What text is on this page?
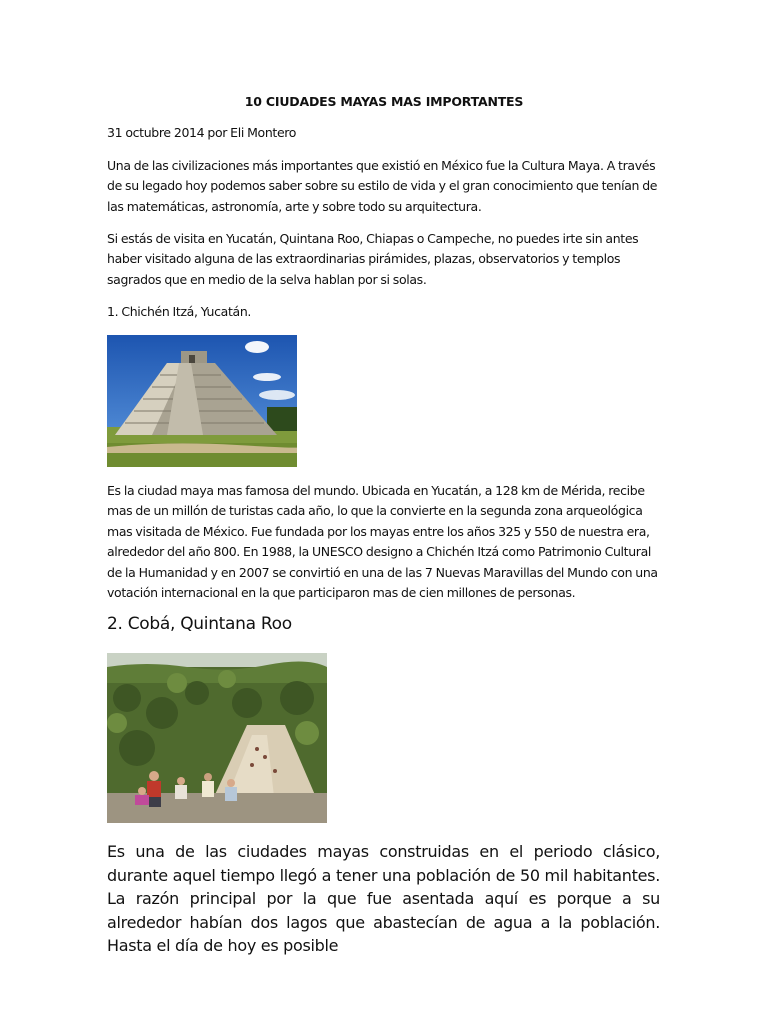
10 CIUDADES MAYAS MAS IMPORTANTES
31 octubre 2014 por Eli Montero
Una de las civilizaciones más importantes que existió en México fue la Cultura Maya. A través de su legado hoy podemos saber sobre su estilo de vida y el gran conocimiento que tenían de las matemáticas, astronomía, arte y sobre todo su arquitectura.
Si estás de visita en Yucatán, Quintana Roo, Chiapas o Campeche, no puedes irte sin antes haber visitado alguna de las extraordinarias pirámides, plazas, observatorios y templos sagrados que en medio de la selva hablan por si solas.
1. Chichén Itzá, Yucatán.
Es la ciudad maya mas famosa del mundo. Ubicada en Yucatán, a 128 km de Mérida, recibe mas de un millón de turistas cada año, lo que la convierte en la segunda zona arqueológica mas visitada de México. Fue fundada por los mayas entre los años 325 y 550 de nuestra era, alrededor del año 800. En 1988, la UNESCO designo a Chichén Itzá como Patrimonio Cultural de la Humanidad y en 2007 se convirtió en una de las 7 Nuevas Maravillas del Mundo con una votación internacional en la que participaron mas de cien millones de personas.
2. Cobá, Quintana Roo
Es una de las ciudades mayas construidas en el periodo clásico, durante aquel tiempo llegó a tener una población de 50 mil habitantes. La razón principal por la que fue asentada aquí es porque a su alrededor habían dos lagos que abastecían de agua a la población. Hasta el día de hoy es posible
